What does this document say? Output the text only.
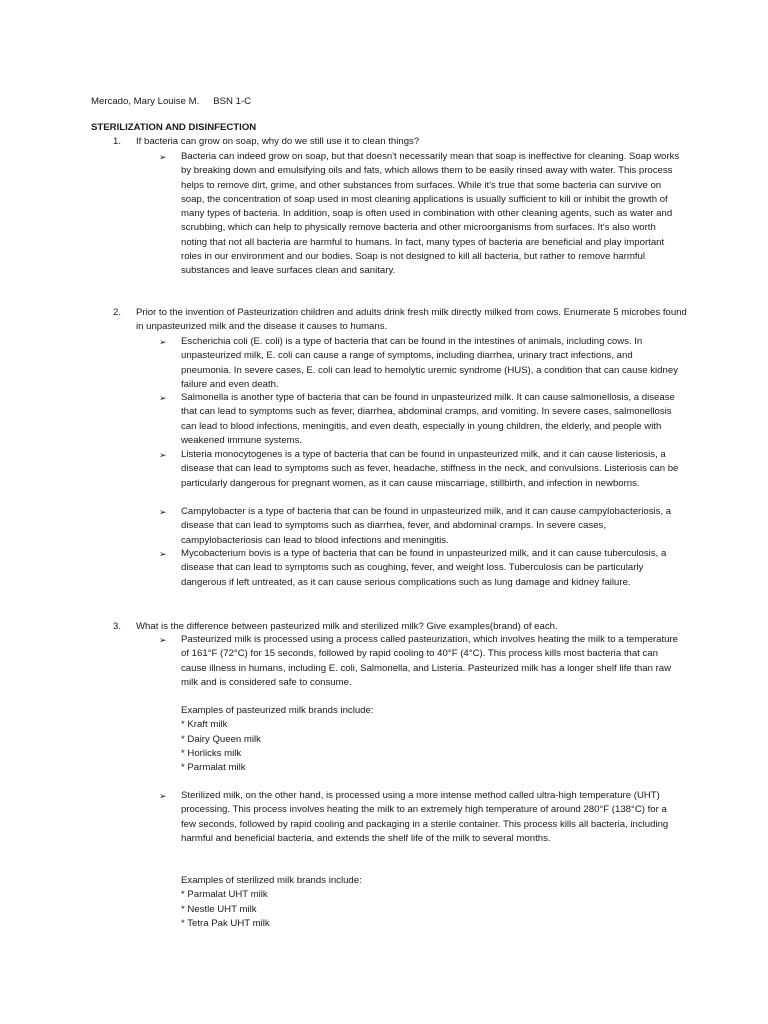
Mercado, Mary Louise M. BSN 1-C
STERILIZATION AND DISINFECTION
1.	If bacteria can grow on soap, why do we still use it to clean things?
➢ Bacteria can indeed grow on soap, but that doesn't necessarily mean that soap is ineffective for cleaning. Soap works by breaking down and emulsifying oils and fats, which allows them to be easily rinsed away with water. This process helps to remove dirt, grime, and other substances from surfaces. While it's true that some bacteria can survive on soap, the concentration of soap used in most cleaning applications is usually sufficient to kill or inhibit the growth of many types of bacteria. In addition, soap is often used in combination with other cleaning agents, such as water and scrubbing, which can help to physically remove bacteria and other microorganisms from surfaces. It's also worth noting that not all bacteria are harmful to humans. In fact, many types of bacteria are beneficial and play important roles in our environment and our bodies. Soap is not designed to kill all bacteria, but rather to remove harmful substances and leave surfaces clean and sanitary.
2.	Prior to the invention of Pasteurization children and adults drink fresh milk directly milked from cows. Enumerate 5 microbes found in unpasteurized milk and the disease it causes to humans.
➢ Escherichia coli (E. coli) is a type of bacteria that can be found in the intestines of animals, including cows. In unpasteurized milk, E. coli can cause a range of symptoms, including diarrhea, urinary tract infections, and pneumonia. In severe cases, E. coli can lead to hemolytic uremic syndrome (HUS), a condition that can cause kidney failure and even death.
➢ Salmonella is another type of bacteria that can be found in unpasteurized milk. It can cause salmonellosis, a disease that can lead to symptoms such as fever, diarrhea, abdominal cramps, and vomiting. In severe cases, salmonellosis can lead to blood infections, meningitis, and even death, especially in young children, the elderly, and people with weakened immune systems.
➢ Listeria monocytogenes is a type of bacteria that can be found in unpasteurized milk, and it can cause listeriosis, a disease that can lead to symptoms such as fever, headache, stiffness in the neck, and convulsions. Listeriosis can be particularly dangerous for pregnant women, as it can cause miscarriage, stillbirth, and infection in newborns.
➢ Campylobacter is a type of bacteria that can be found in unpasteurized milk, and it can cause campylobacteriosis, a disease that can lead to symptoms such as diarrhea, fever, and abdominal cramps. In severe cases, campylobacteriosis can lead to blood infections and meningitis.
➢ Mycobacterium bovis is a type of bacteria that can be found in unpasteurized milk, and it can cause tuberculosis, a disease that can lead to symptoms such as coughing, fever, and weight loss. Tuberculosis can be particularly dangerous if left untreated, as it can cause serious complications such as lung damage and kidney failure.
3.	What is the difference between pasteurized milk and sterilized milk? Give examples(brand) of each.
➢ Pasteurized milk is processed using a process called pasteurization, which involves heating the milk to a temperature of 161°F (72°C) for 15 seconds, followed by rapid cooling to 40°F (4°C). This process kills most bacteria that can cause illness in humans, including E. coli, Salmonella, and Listeria. Pasteurized milk has a longer shelf life than raw milk and is considered safe to consume.
Examples of pasteurized milk brands include:
* Kraft milk
* Dairy Queen milk
* Horlicks milk
* Parmalat milk
➢ Sterilized milk, on the other hand, is processed using a more intense method called ultra-high temperature (UHT) processing. This process involves heating the milk to an extremely high temperature of around 280°F (138°C) for a few seconds, followed by rapid cooling and packaging in a sterile container. This process kills all bacteria, including harmful and beneficial bacteria, and extends the shelf life of the milk to several months.
Examples of sterilized milk brands include:
* Parmalat UHT milk
* Nestle UHT milk
* Tetra Pak UHT milk
